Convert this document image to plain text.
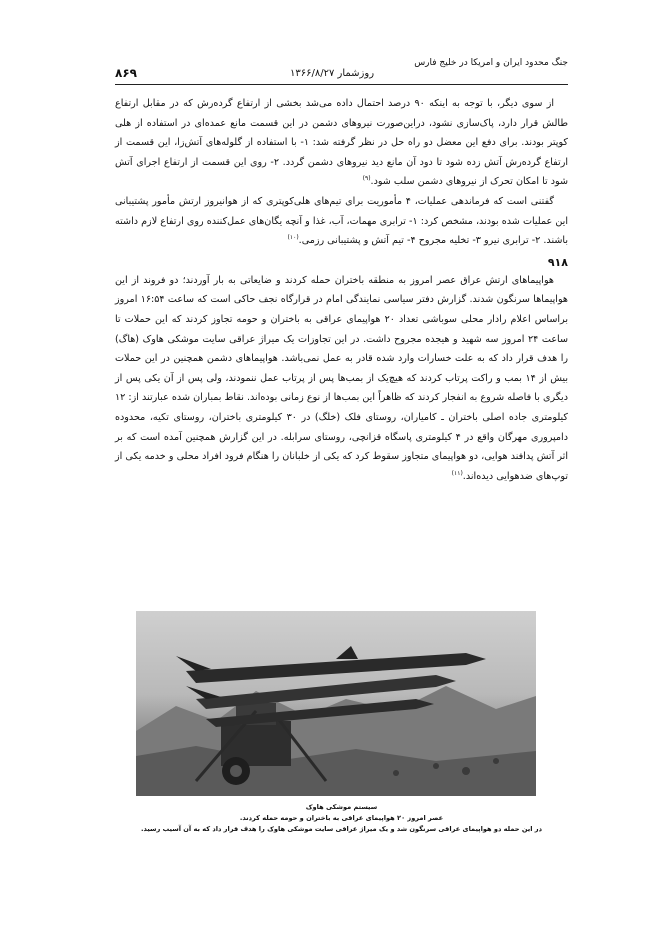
۸۶۹	روزشمار ۱۳۶۶/۸/۲۷
جنگ محدود ایران و امریکا در خلیج فارس

از سوی دیگر، با توجه به اینکه ۹۰ درصد احتمال داده می‌شد بخشی از ارتفاع گردەرش که در مقابل ارتفاع طالش قرار دارد، پاک‌سازی نشود، دراین‌صورت نیروهای دشمن در این قسمت مانع عمده‌ای در استفاده از هلی کوپتر بودند. برای دفع این معضل دو راه حل در نظر گرفته شد: ۱- با استفاده از گلوله‌های آتش‌زا، این قسمت از ارتفاع گردەرش آتش زده شود تا دود آن مانع دید نیروهای دشمن گردد. ۲- روی این قسمت از ارتفاع اجرای آتش شود تا امکان تحرک از نیروهای دشمن سلب شود.$^{(۹)}$

گفتنی است که فرماندهی عملیات، ۴ مأموریت برای تیم‌های هلی‌کوپتری که از هوانیروز ارتش مأمور پشتیبانی این عملیات شده بودند، مشخص کرد: ۱- ترابری مهمات، آب، غذا و آنچه یگان‌های عمل‌کننده روی ارتفاع لازم داشته باشند. ۲- ترابری نیرو ۳- تخلیه مجروح ۴- تیم آتش و پشتیبانی رزمی.$^{(۱۰)}$

۹۱۸

هواپیماهای ارتش عراق عصر امروز به منطقه باختران حمله کردند و ضایعاتی به بار آوردند؛ دو فروند از این هواپیماها سرنگون شدند. گزارش دفتر سیاسی نمایندگی امام در قرارگاه نجف حاکی است که ساعت ۱۶:۵۴ امروز براساس اعلام رادار محلی سوباشی تعداد ۲۰ هواپیمای عراقی به باختران و حومه تجاوز کردند که این حملات تا ساعت ۲۴ امروز سه شهید و هیجده مجروح داشت. در این تجاوزات یک میراژ عراقی سایت موشکی هاوک (هاگ) را هدف قرار داد که به علت خسارات وارد شده قادر به عمل نمی‌باشد. هواپیماهای دشمن همچنین در این حملات بیش از ۱۴ بمب و راکت پرتاب کردند که هیچ‌یک از بمب‌ها پس از پرتاب عمل ننمودند، ولی پس از آن یکی پس از دیگری با فاصله شروع به انفجار کردند که ظاهراً این بمب‌ها از نوع زمانی بوده‌اند. نقاط بمباران شده عبارتند از: ۱۲ کیلومتری جاده اصلی باختران ـ کامیاران، روستای فلک (خلگ) در ۳۰ کیلومتری باختران، روستای تکیه، محدوده دامپروری مهرگان واقع در ۴ کیلومتری پاسگاه قزانچی، روستای سرابله. در این گزارش همچنین آمده است که بر اثر آتش پدافند هوایی، دو هواپیمای متجاوز سقوط کرد که یکی از خلبانان را هنگام فرود افراد محلی و خدمه یکی از توپ‌های ضدهوایی دیده‌اند.$^{(۱۱)}$

سیستم موشکی هاوک
عصر امروز ۲۰ هواپیمای عراقی به باختران و حومه حمله کردند.
در این حمله دو هواپیمای عراقی سرنگون شد و یک میراژ عراقی سایت موشکی هاوک را هدف قرار داد که به آن آسیب رسید.
